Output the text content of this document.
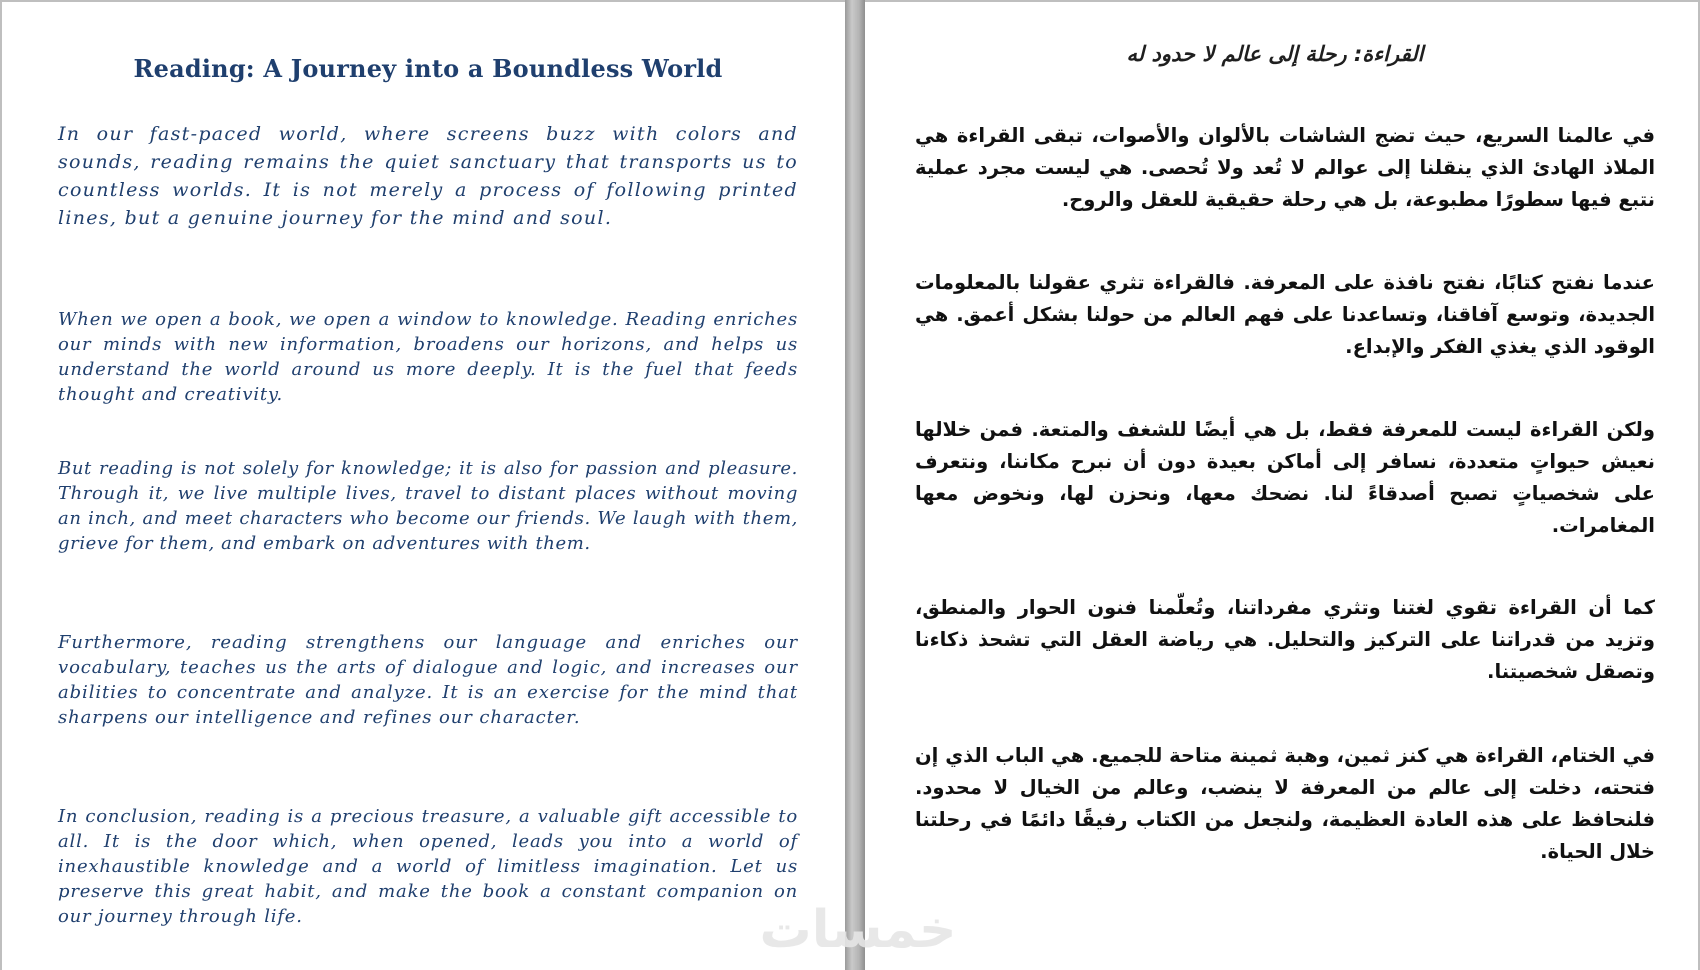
Reading: A Journey into a Boundless World

In our fast-paced world, where screens buzz with colors and sounds, reading remains the quiet sanctuary that transports us to countless worlds. It is not merely a process of following printed lines, but a genuine journey for the mind and soul.

When we open a book, we open a window to knowledge. Reading enriches our minds with new information, broadens our horizons, and helps us understand the world around us more deeply. It is the fuel that feeds thought and creativity.

But reading is not solely for knowledge; it is also for passion and pleasure. Through it, we live multiple lives, travel to distant places without moving an inch, and meet characters who become our friends. We laugh with them, grieve for them, and embark on adventures with them.

Furthermore, reading strengthens our language and enriches our vocabulary, teaches us the arts of dialogue and logic, and increases our abilities to concentrate and analyze. It is an exercise for the mind that sharpens our intelligence and refines our character.

In conclusion, reading is a precious treasure, a valuable gift accessible to all. It is the door which, when opened, leads you into a world of inexhaustible knowledge and a world of limitless imagination. Let us preserve this great habit, and make the book a constant companion on our journey through life.

القراءة: رحلة إلى عالم لا حدود له

في عالمنا السريع، حيث تضج الشاشات بالألوان والأصوات، تبقى القراءة هي الملاذ الهادئ الذي ينقلنا إلى عوالم لا تُعد ولا تُحصى. هي ليست مجرد عملية نتبع فيها سطورًا مطبوعة، بل هي رحلة حقيقية للعقل والروح.

عندما نفتح كتابًا، نفتح نافذة على المعرفة. فالقراءة تثري عقولنا بالمعلومات الجديدة، وتوسع آفاقنا، وتساعدنا على فهم العالم من حولنا بشكل أعمق. هي الوقود الذي يغذي الفكر والإبداع.

ولكن القراءة ليست للمعرفة فقط، بل هي أيضًا للشغف والمتعة. فمن خلالها نعيش حيواتٍ متعددة، نسافر إلى أماكن بعيدة دون أن نبرح مكاننا، ونتعرف على شخصياتٍ تصبح أصدقاءً لنا. نضحك معها، ونحزن لها، ونخوض معها المغامرات.

كما أن القراءة تقوي لغتنا وتثري مفرداتنا، وتُعلّمنا فنون الحوار والمنطق، وتزيد من قدراتنا على التركيز والتحليل. هي رياضة العقل التي تشحذ ذكاءنا وتصقل شخصيتنا.

في الختام، القراءة هي كنز ثمين، وهبة ثمينة متاحة للجميع. هي الباب الذي إن فتحته، دخلت إلى عالم من المعرفة لا ينضب، وعالم من الخيال لا محدود. فلنحافظ على هذه العادة العظيمة، ولنجعل من الكتاب رفيقًا دائمًا في رحلتنا خلال الحياة.

خمسات
